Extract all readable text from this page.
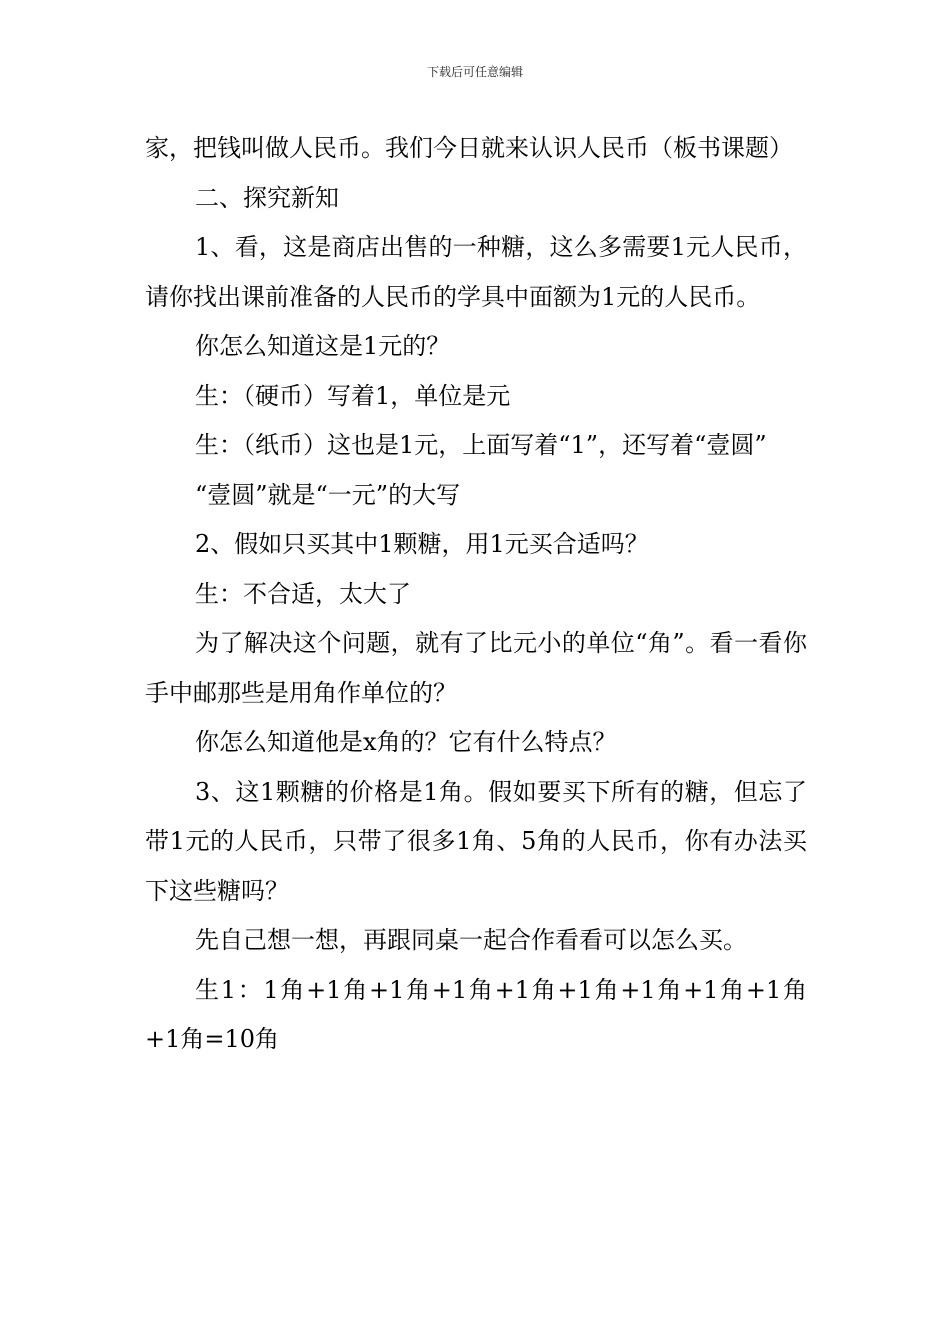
下载后可任意编辑

家，把钱叫做人民币。我们今日就来认识人民币（板书课题）

二、探究新知

1、看，这是商店出售的一种糖，这么多需要1元人民币，请你找出课前准备的人民币的学具中面额为1元的人民币。

你怎么知道这是1元的？

生：（硬币）写着1，单位是元

生：（纸币）这也是1元，上面写着“1”，还写着“壹圆”

“壹圆”就是“一元”的大写

2、假如只买其中1颗糖，用1元买合适吗？

生：不合适，太大了

为了解决这个问题，就有了比元小的单位“角”。看一看你手中邮那些是用角作单位的？

你怎么知道他是x角的？它有什么特点？

3、这1颗糖的价格是1角。假如要买下所有的糖，但忘了带1元的人民币，只带了很多1角、5角的人民币，你有办法买下这些糖吗？

先自己想一想，再跟同桌一起合作看看可以怎么买。

生1：1角+1角+1角+1角+1角+1角+1角+1角+1角+1角=10角
